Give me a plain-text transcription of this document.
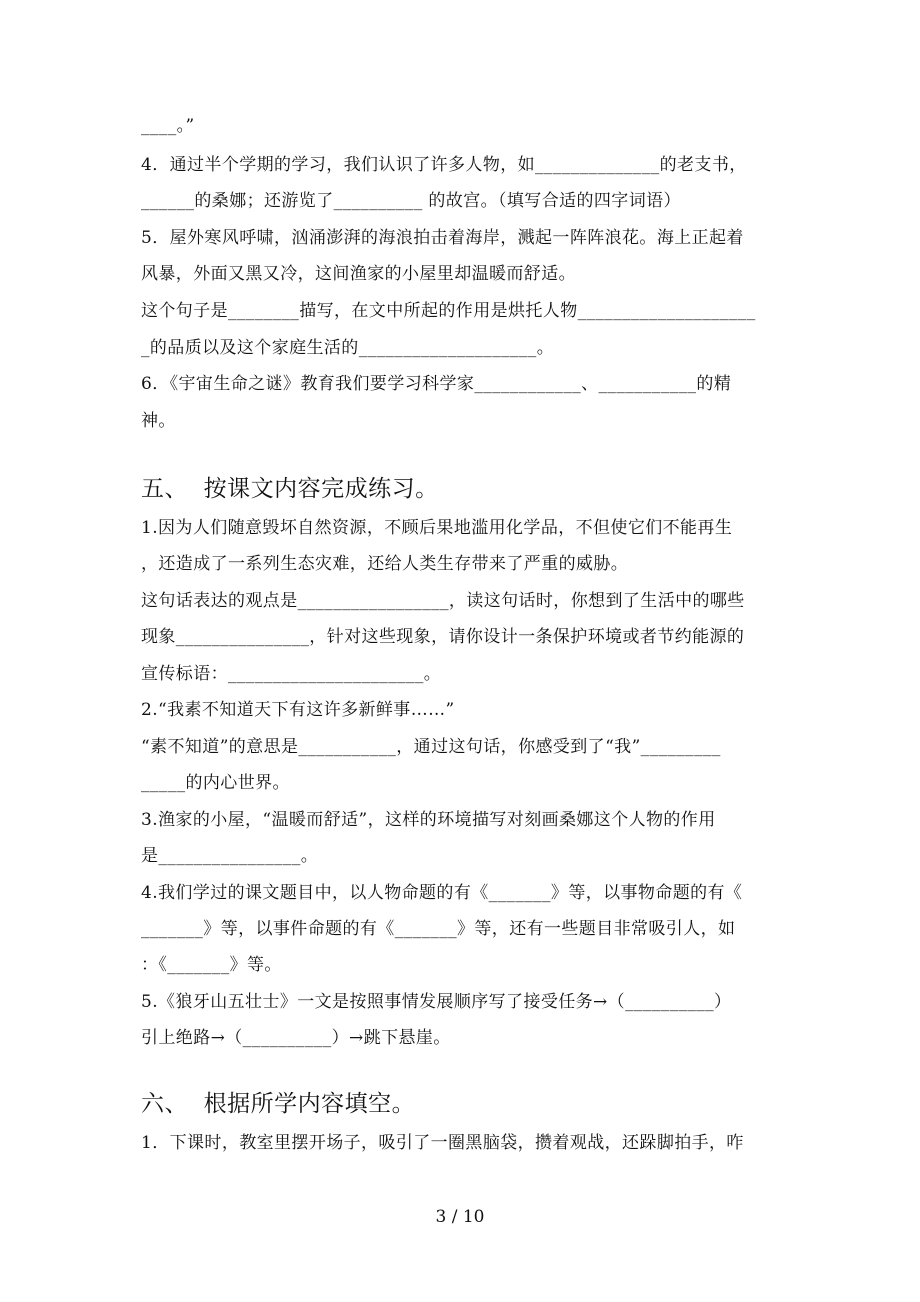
____。”
4．通过半个学期的学习，我们认识了许多人物，如______________的老支书，
______的桑娜；还游览了__________ 的故宫。（填写合适的四字词语）
5．屋外寒风呼啸，汹涌澎湃的海浪拍击着海岸，溅起一阵阵浪花。海上正起着
风暴，外面又黑又冷，这间渔家的小屋里却温暖而舒适。
这个句子是________描写，在文中所起的作用是烘托人物____________________
_的品质以及这个家庭生活的____________________。
6．《宇宙生命之谜》教育我们要学习科学家____________、___________的精
神。
五、  按课文内容完成练习。
1.因为人们随意毁坏自然资源，不顾后果地滥用化学品，不但使它们不能再生
，还造成了一系列生态灾难，还给人类生存带来了严重的威胁。
这句话表达的观点是_________________，读这句话时，你想到了生活中的哪些
现象_______________，针对这些现象，请你设计一条保护环境或者节约能源的
宣传标语：______________________。
2.“我素不知道天下有这许多新鲜事……”
“素不知道”的意思是___________，通过这句话，你感受到了“我”_________
_____的内心世界。
3.渔家的小屋，“温暖而舒适”，这样的环境描写对刻画桑娜这个人物的作用
是________________。
4.我们学过的课文题目中，以人物命题的有《_______》等，以事物命题的有《
_______》等，以事件命题的有《_______》等，还有一些题目非常吸引人，如
：《_______》等。
5.《狼牙山五壮士》一文是按照事情发展顺序写了接受任务→（__________）
引上绝路→（__________）→跳下悬崖。
六、  根据所学内容填空。
1．下课时，教室里摆开场子，吸引了一圈黑脑袋，攒着观战，还跺脚拍手，咋
3 / 10
